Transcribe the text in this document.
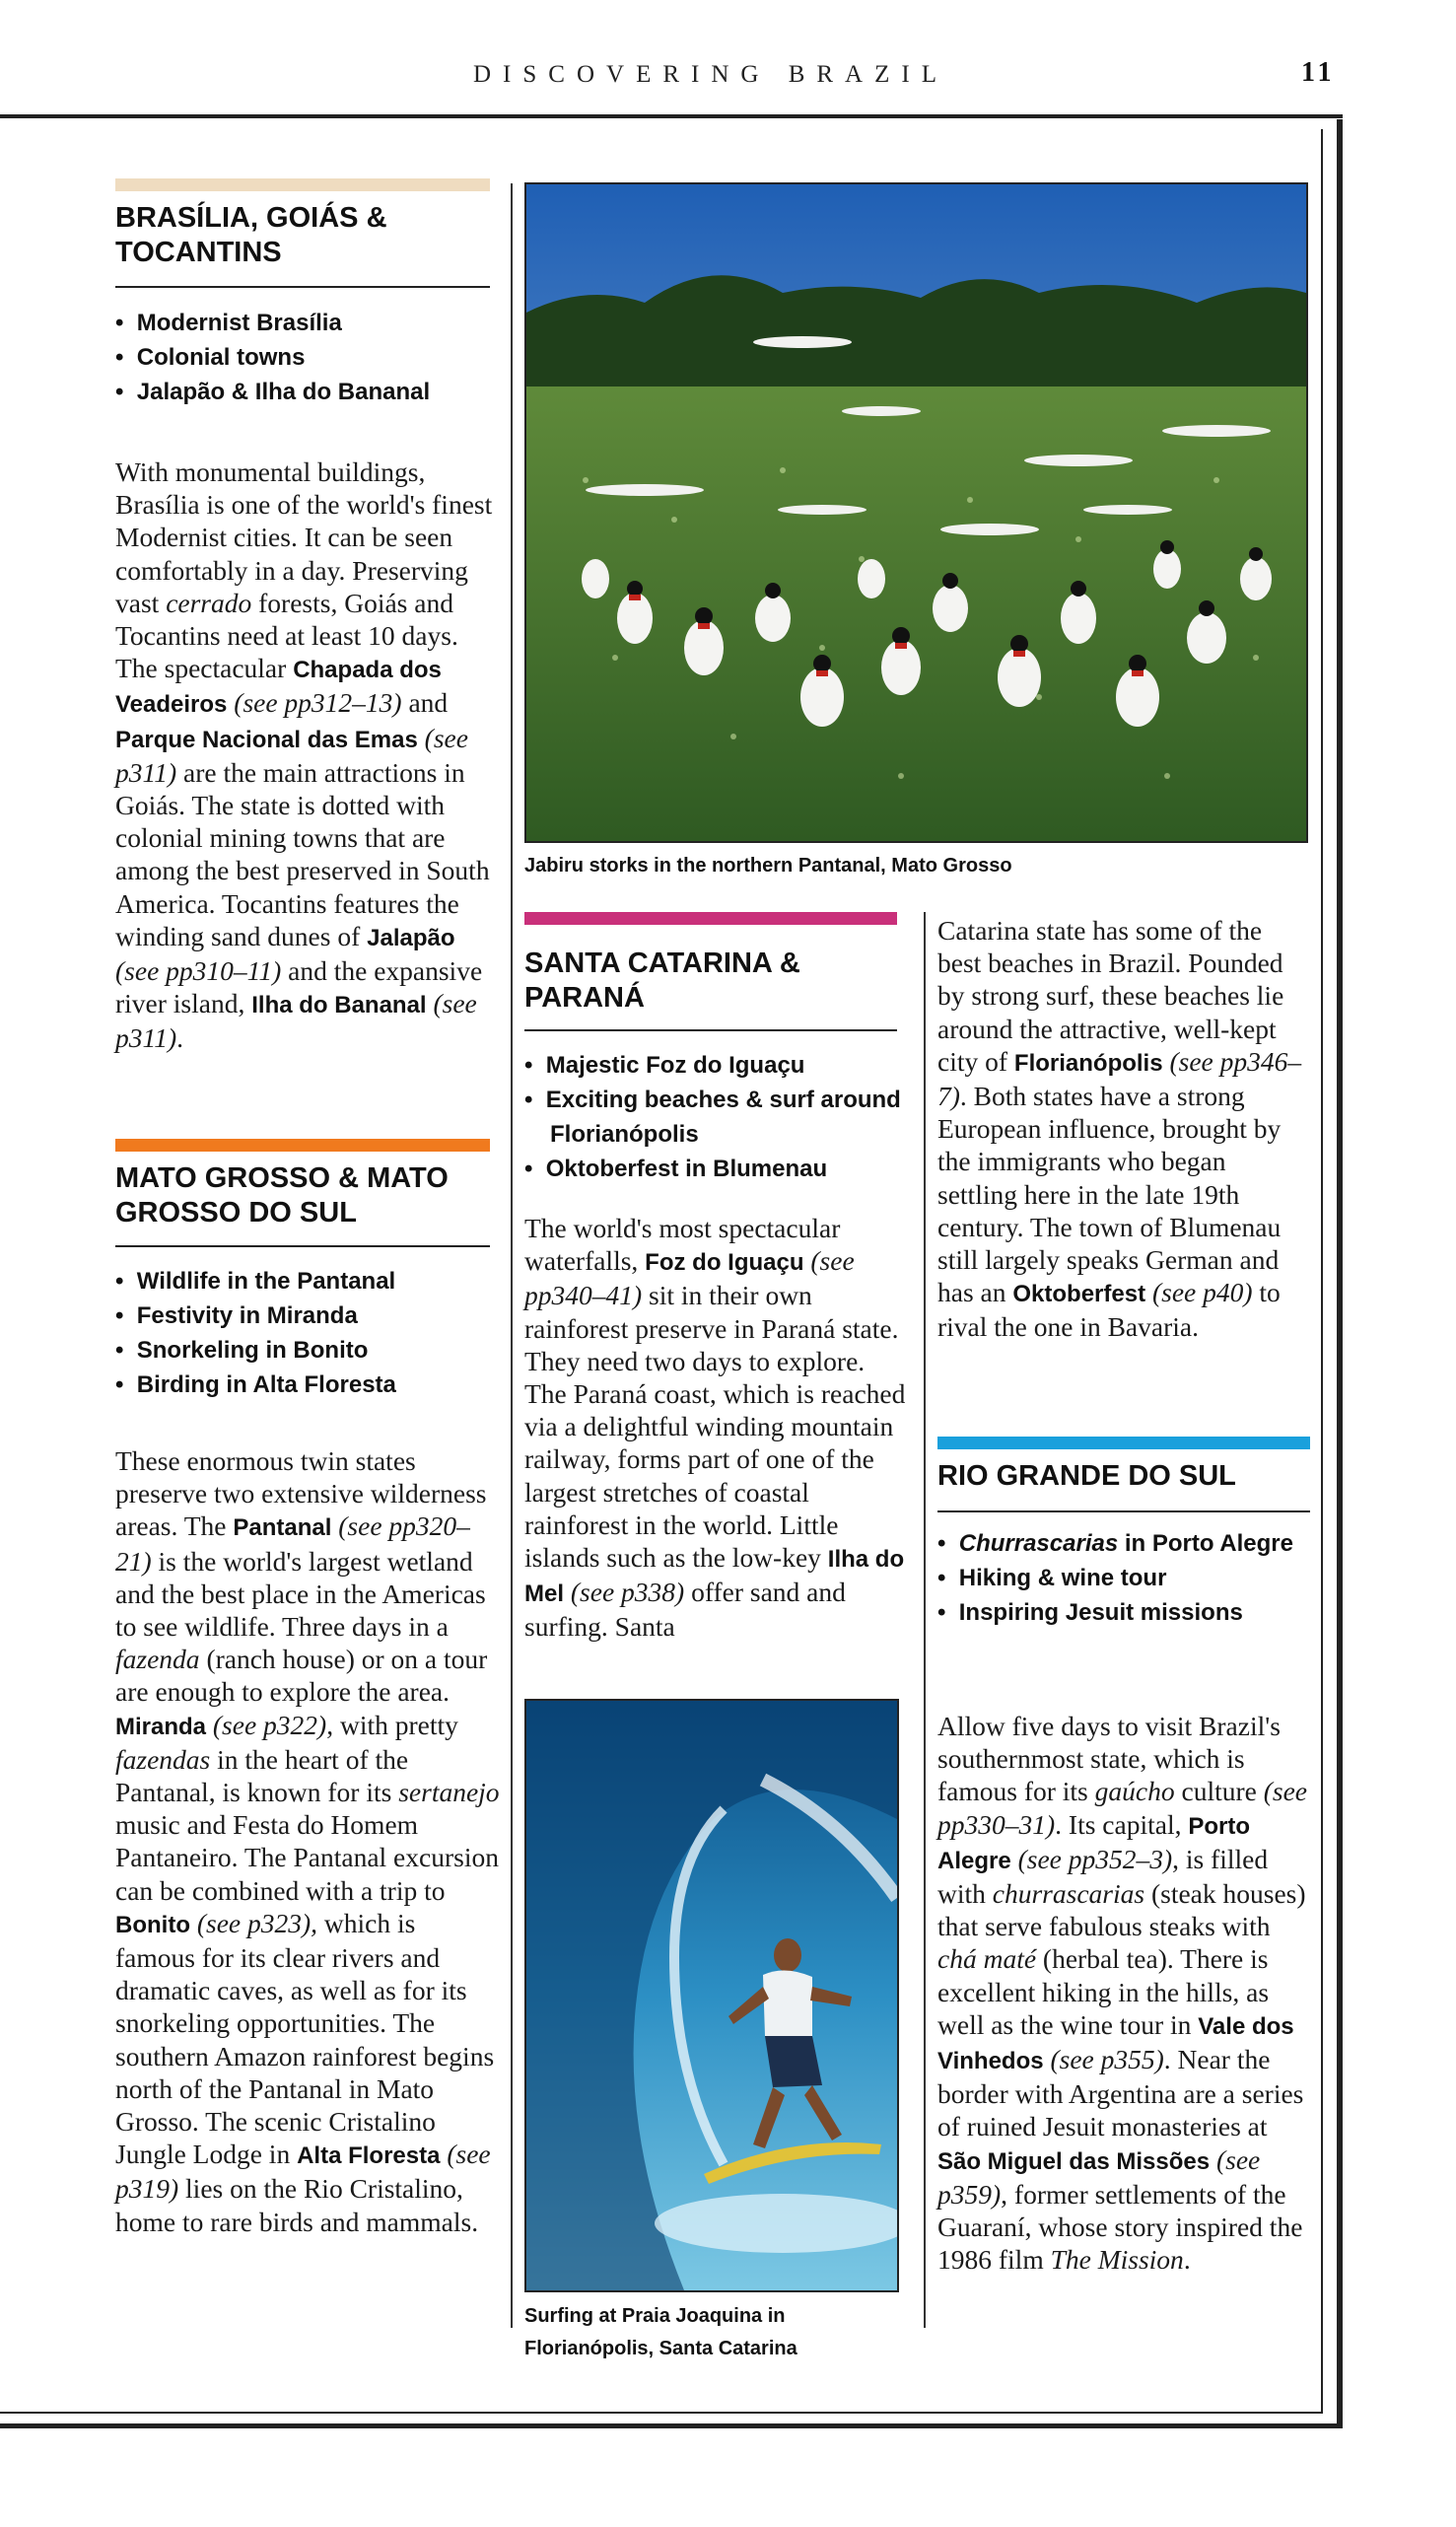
DISCOVERING BRAZIL	11
BRASÍLIA, GOIÁS & TOCANTINS
•  Modernist Brasília
•  Colonial towns
•  Jalapão & Ilha do Bananal

With monumental buildings, Brasília is one of the world's finest Modernist cities. It can be seen comfortably in a day. Preserving vast cerrado forests, Goiás and Tocantins need at least 10 days. The spectacular Chapada dos Veadeiros (see pp312–13) and Parque Nacional das Emas (see p311) are the main attractions in Goiás. The state is dotted with colonial mining towns that are among the best preserved in South America. Tocantins features the winding sand dunes of Jalapão (see pp310–11) and the expansive river island, Ilha do Bananal (see p311).

MATO GROSSO & MATO GROSSO DO SUL
•  Wildlife in the Pantanal
•  Festivity in Miranda
•  Snorkeling in Bonito
•  Birding in Alta Floresta

These enormous twin states preserve two extensive wilderness areas. The Pantanal (see pp320–21) is the world's largest wetland and the best place in the Americas to see wildlife. Three days in a fazenda (ranch house) or on a tour are enough to explore the area. Miranda (see p322), with pretty fazendas in the heart of the Pantanal, is known for its sertanejo music and Festa do Homem Pantaneiro. The Pantanal excursion can be combined with a trip to Bonito (see p323), which is famous for its clear rivers and dramatic caves, as well as for its snorkeling opportunities. The southern Amazon rainforest begins north of the Pantanal in Mato Grosso. The scenic Cristalino Jungle Lodge in Alta Floresta (see p319) lies on the Rio Cristalino, home to rare birds and mammals.

Jabiru storks in the northern Pantanal, Mato Grosso
SANTA CATARINA & PARANÁ
•  Majestic Foz do Iguaçu
•  Exciting beaches & surf around Florianópolis
•  Oktoberfest in Blumenau

The world's most spectacular waterfalls, Foz do Iguaçu (see pp340–41) sit in their own rainforest preserve in Paraná state. They need two days to explore. The Paraná coast, which is reached via a delightful winding mountain railway, forms part of one of the largest stretches of coastal rainforest in the world. Little islands such as the low-key Ilha do Mel (see p338) offer sand and surfing. Santa

Surfing at Praia Joaquina in Florianópolis, Santa Catarina

Catarina state has some of the best beaches in Brazil. Pounded by strong surf, these beaches lie around the attractive, well-kept city of Florianópolis (see pp346–7). Both states have a strong European influence, brought by the immigrants who began settling here in the late 19th century. The town of Blumenau still largely speaks German and has an Oktoberfest (see p40) to rival the one in Bavaria.

RIO GRANDE DO SUL
•  Churrascarias in Porto Alegre
•  Hiking & wine tour
•  Inspiring Jesuit missions

Allow five days to visit Brazil's southernmost state, which is famous for its gaúcho culture (see pp330–31). Its capital, Porto Alegre (see pp352–3), is filled with churrascarias (steak houses) that serve fabulous steaks with chá maté (herbal tea). There is excellent hiking in the hills, as well as the wine tour in Vale dos Vinhedos (see p355). Near the border with Argentina are a series of ruined Jesuit monasteries at São Miguel das Missões (see p359), former settlements of the Guaraní, whose story inspired the 1986 film The Mission.
